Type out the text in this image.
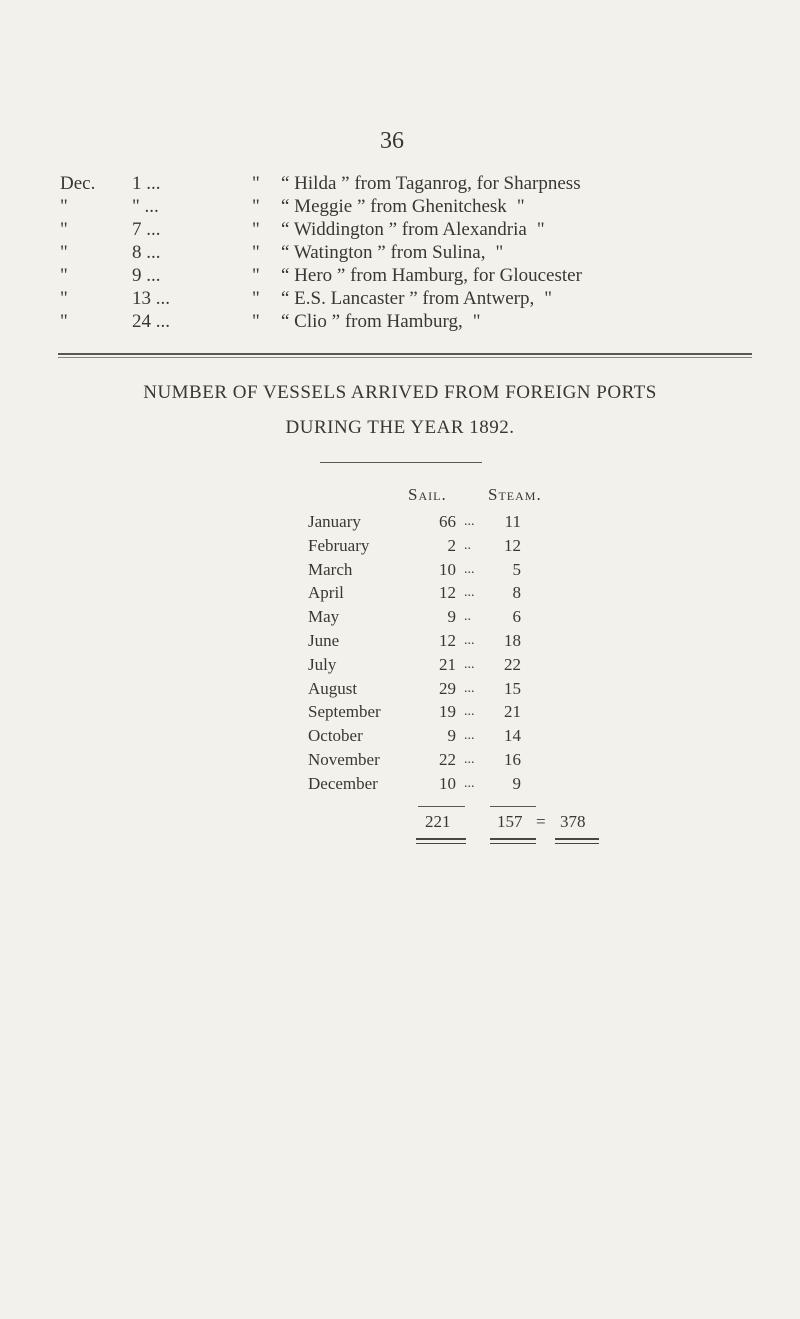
36
Dec.	1 ...	"	“ Hilda ” from Taganrog, for Sharpness
"	" ...	"	“ Meggie ” from Ghenitchesk "
"	7 ...	"	“ Widdington ” from Alexandria "
"	8 ...	"	“ Watington ” from Sulina, "
"	9 ...	"	“ Hero ” from Hamburg, for Gloucester
"	13 ...	"	“ E.S. Lancaster ” from Antwerp, "
"	24 ...	"	“ Clio ” from Hamburg, "
NUMBER OF VESSELS ARRIVED FROM FOREIGN PORTS
DURING THE YEAR 1892.
Sail. Steam.
January	66 ...	11
February	2 ..	12
March	10 ...	5
April	12 ...	8
May	9 ..	6
June	12 ...	18
July	21 ...	22
August	29 ...	15
September	19 ...	21
October	9 ...	14
November	22 ...	16
December	10 ...	9
221	157 = 378
